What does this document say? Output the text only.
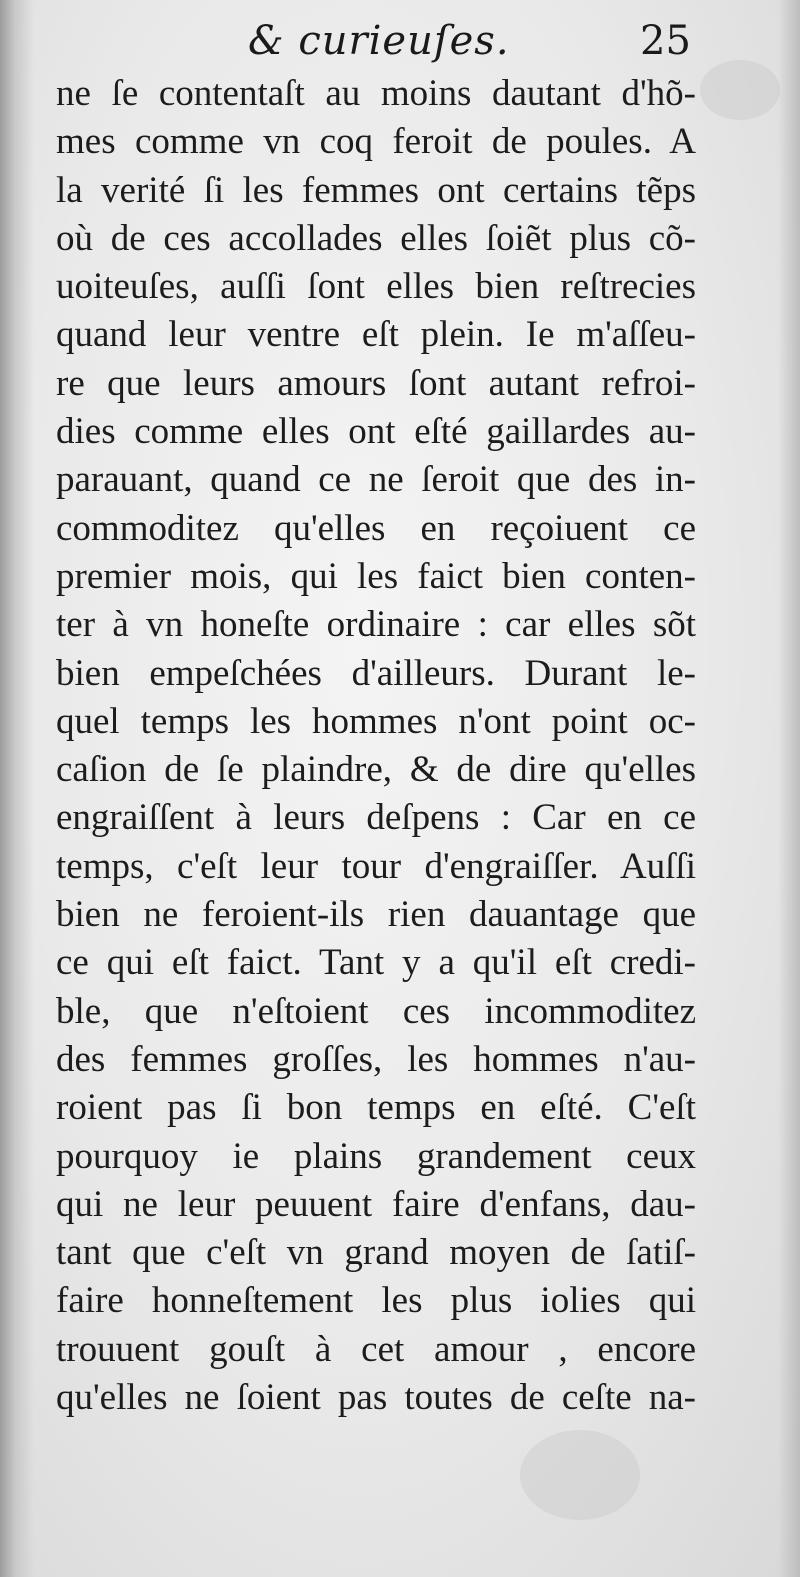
& curieuſes.	25
ne ſe contentaſt au moins dautant d'hõ-
mes comme vn coq feroit de poules. A
la verité ſi les femmes ont certains tẽps
où de ces accollades elles ſoiẽt plus cõ-
uoiteuſes, auſſi ſont elles bien reſtrecies
quand leur ventre eſt plein. Ie m'aſſeu-
re que leurs amours ſont autant refroi-
dies comme elles ont eſté gaillardes au-
parauant, quand ce ne ſeroit que des in-
commoditez qu'elles en reçoiuent ce
premier mois, qui les faict bien conten-
ter à vn honeſte ordinaire : car elles sõt
bien empeſchées d'ailleurs. Durant le-
quel temps les hommes n'ont point oc-
caſion de ſe plaindre, & de dire qu'elles
engraiſſent à leurs deſpens : Car en ce
temps, c'eſt leur tour d'engraiſſer. Auſſi
bien ne feroient-ils rien dauantage que
ce qui eſt faict. Tant y a qu'il eſt credi-
ble, que n'eſtoient ces incommoditez
des femmes groſſes, les hommes n'au-
roient pas ſi bon temps en eſté. C'eſt
pourquoy ie plains grandement ceux
qui ne leur peuuent faire d'enfans, dau-
tant que c'eſt vn grand moyen de ſatiſ-
faire honneſtement les plus iolies qui
trouuent gouſt à cet amour , encore
qu'elles ne ſoient pas toutes de ceſte na-
